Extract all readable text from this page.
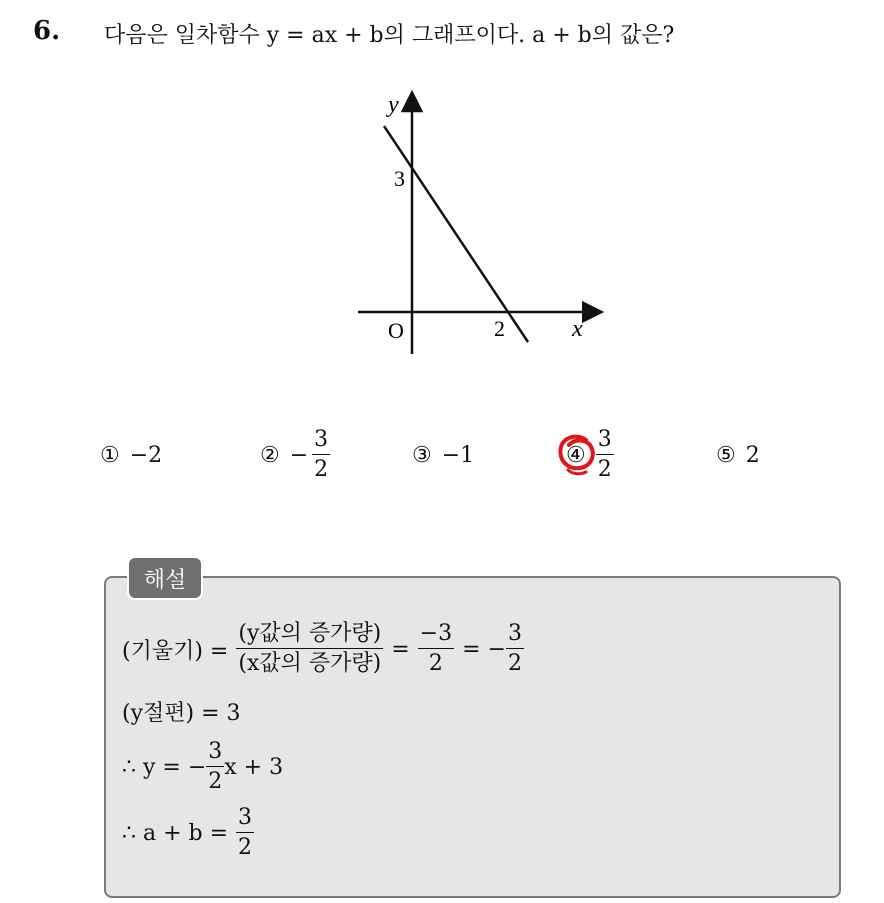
6. 다음은 일차함수 y = ax + b의 그래프이다. a + b의 값은?
y
x
O
3
2
① −2	② − $\frac{3}{2}$	③ −1	④ $\frac{3}{2}$	⑤ 2
해설
(기울기) = $\frac{\text{(y값의 증가량)}}{\text{(x값의 증가량)}} = \frac{-3}{2}$ = − $\frac{3}{2}$
(y절편) = 3
∴ y = − $\frac{3}{2}$ x + 3
∴ $a + b = \frac{3}{2}$
